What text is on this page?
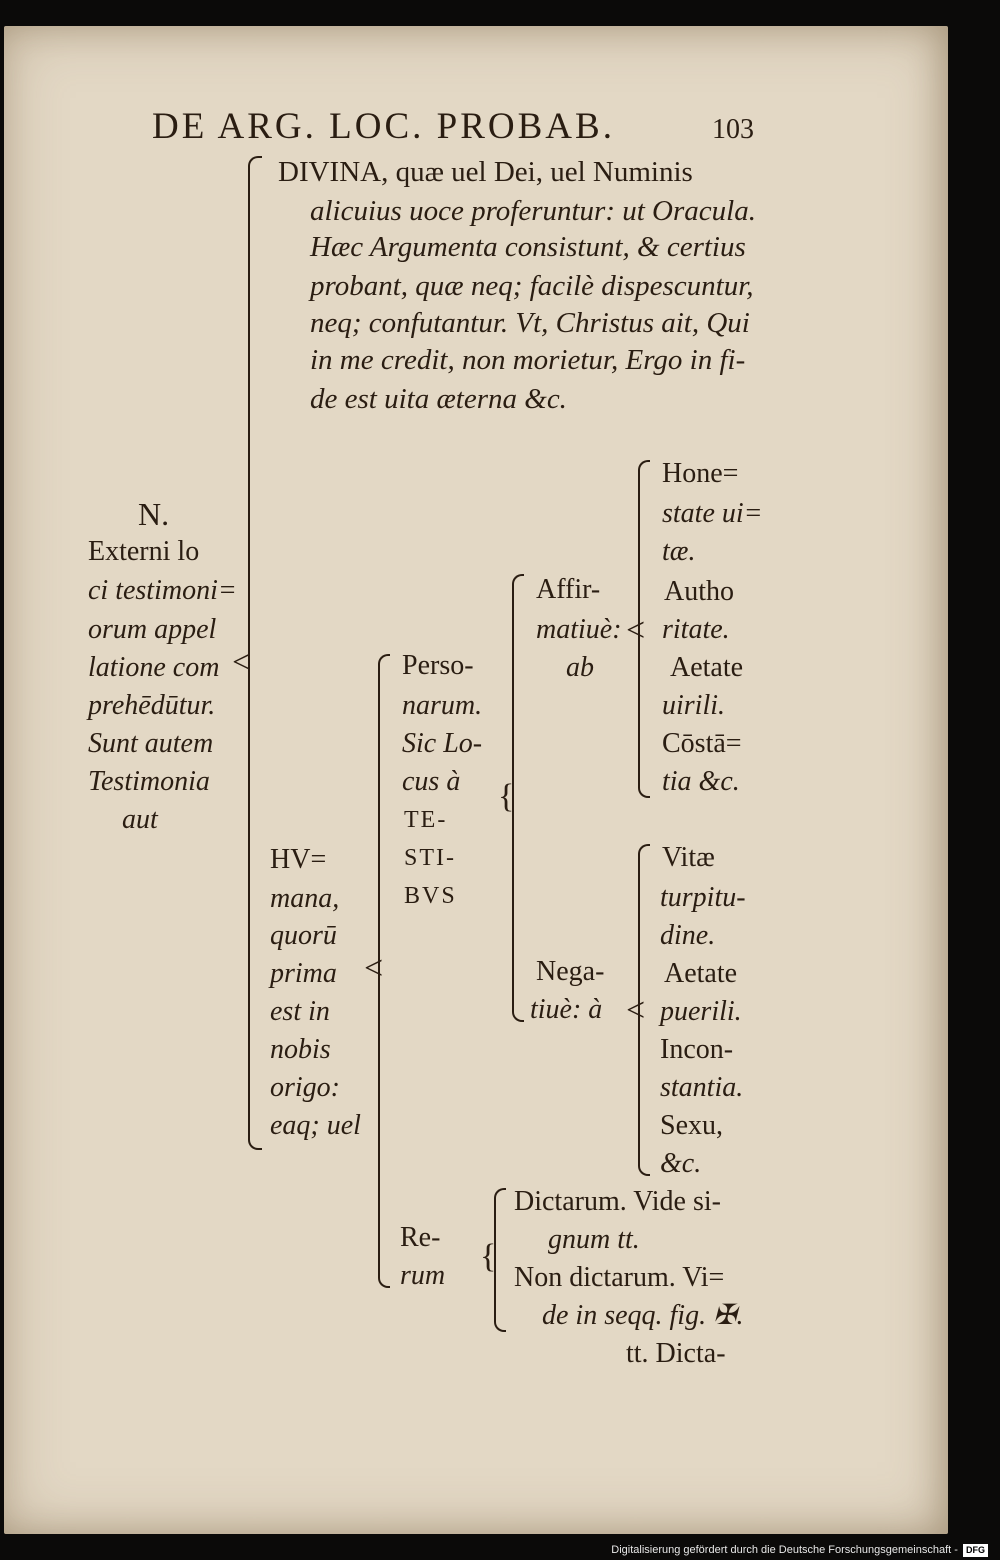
DE ARG. LOC. PROBAB.	103
<
DIVINA, quæ uel Dei, uel Numinis
alicuius uoce proferuntur: ut Oracula.
Hæc Argumenta consistunt, & certius
probant, quæ neq; facilè dispescuntur,
neq; confutantur. Vt, Christus ait, Qui
in me credit, non morietur, Ergo in fi-
de est uita æterna &c.
N.
Externi lo
ci testimoni=
orum appel
latione com
prehēdūtur.
Sunt autem
Testimonia
aut
HV=
mana,
quorū
prima
est in
nobis
origo:
eaq; uel
<
Perso-
narum.
Sic Lo-
cus à
TE-
STI-
BVS
{
Affir-
matiuè:
ab
<
Hone=
state ui=
tæ.
Autho
ritate.
Aetate
uirili.
Cōstā=
tia &c.
Nega-
tiuè: à <
Vitæ
turpitu-
dine.
Aetate
puerili.
Incon-
stantia.
Sexu,
&c.
Re-
rum
{
Dictarum. Vide si-
gnum tt.
Non dictarum. Vi=
de in seqq. fig. ✠.
tt. Dicta-
Digitalisierung gefördert durch die Deutsche Forschungsgemeinschaft - DFG
